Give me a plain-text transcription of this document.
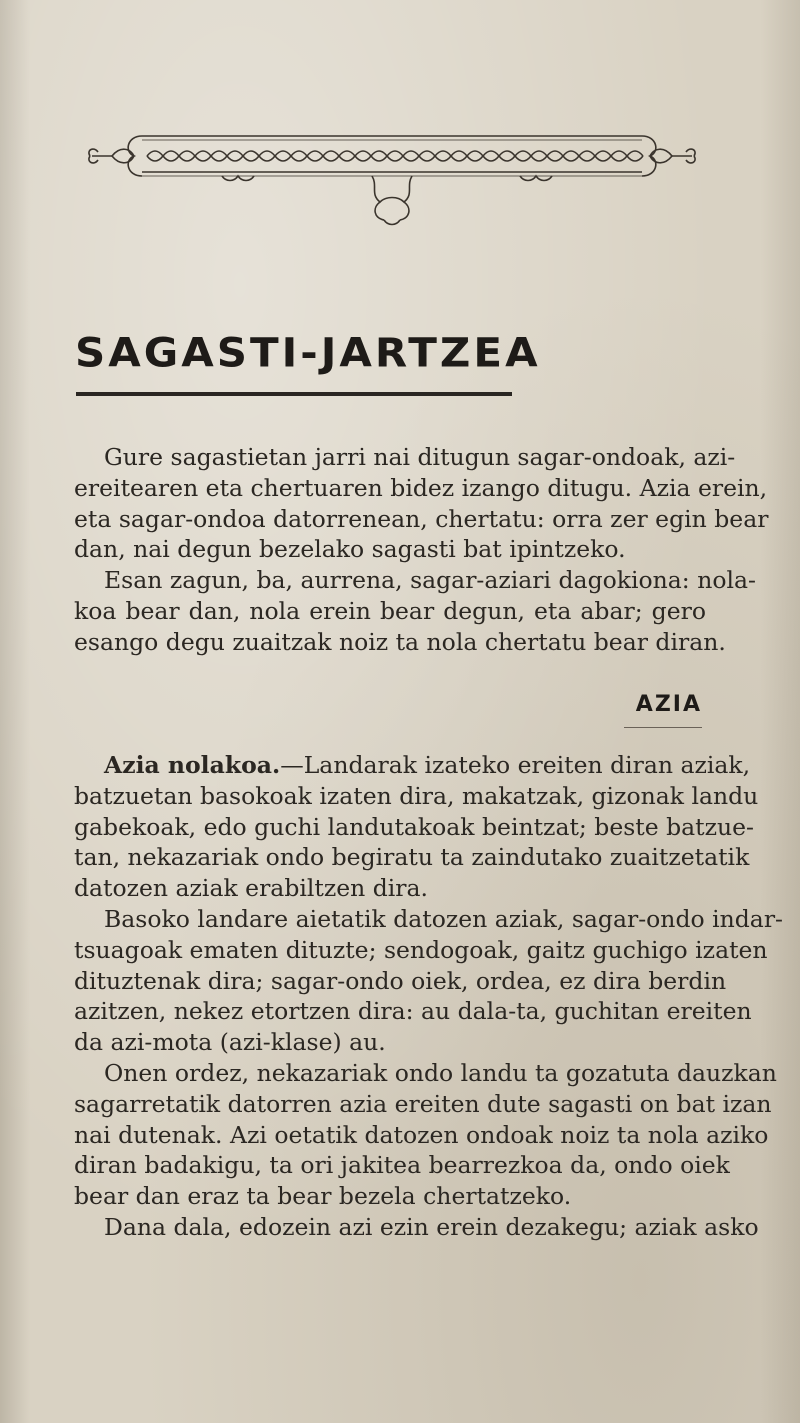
SAGASTI-JARTZEA
Gure sagastietan jarri nai ditugun sagar-ondoak, azi-
ereitearen eta chertuaren bidez izango ditugu. Azia erein,
eta sagar-ondoa datorrenean, chertatu: orra zer egin bear
dan, nai degun bezelako sagasti bat ipintzeko.
Esan zagun, ba, aurrena, sagar-aziari dagokiona: nola-
koa bear dan, nola erein bear degun, eta abar; gero
esango degu zuaitzak noiz ta nola chertatu bear diran.
AZIA
Azia nolakoa.—Landarak izateko ereiten diran aziak,
batzuetan basokoak izaten dira, makatzak, gizonak landu
gabekoak, edo guchi landutakoak beintzat; beste batzue-
tan, nekazariak ondo begiratu ta zaindutako zuaitzetatik
datozen aziak erabiltzen dira.
Basoko landare aietatik datozen aziak, sagar-ondo indar-
tsuagoak ematen dituzte; sendogoak, gaitz guchigo izaten
dituztenak dira; sagar-ondo oiek, ordea, ez dira berdin
azitzen, nekez etortzen dira: au dala-ta, guchitan ereiten
da azi-mota (azi-klase) au.
Onen ordez, nekazariak ondo landu ta gozatuta dauzkan
sagarretatik datorren azia ereiten dute sagasti on bat izan
nai dutenak. Azi oetatik datozen ondoak noiz ta nola aziko
diran badakigu, ta ori jakitea bearrezkoa da, ondo oiek
bear dan eraz ta bear bezela chertatzeko.
Dana dala, edozein azi ezin erein dezakegu; aziak asko
